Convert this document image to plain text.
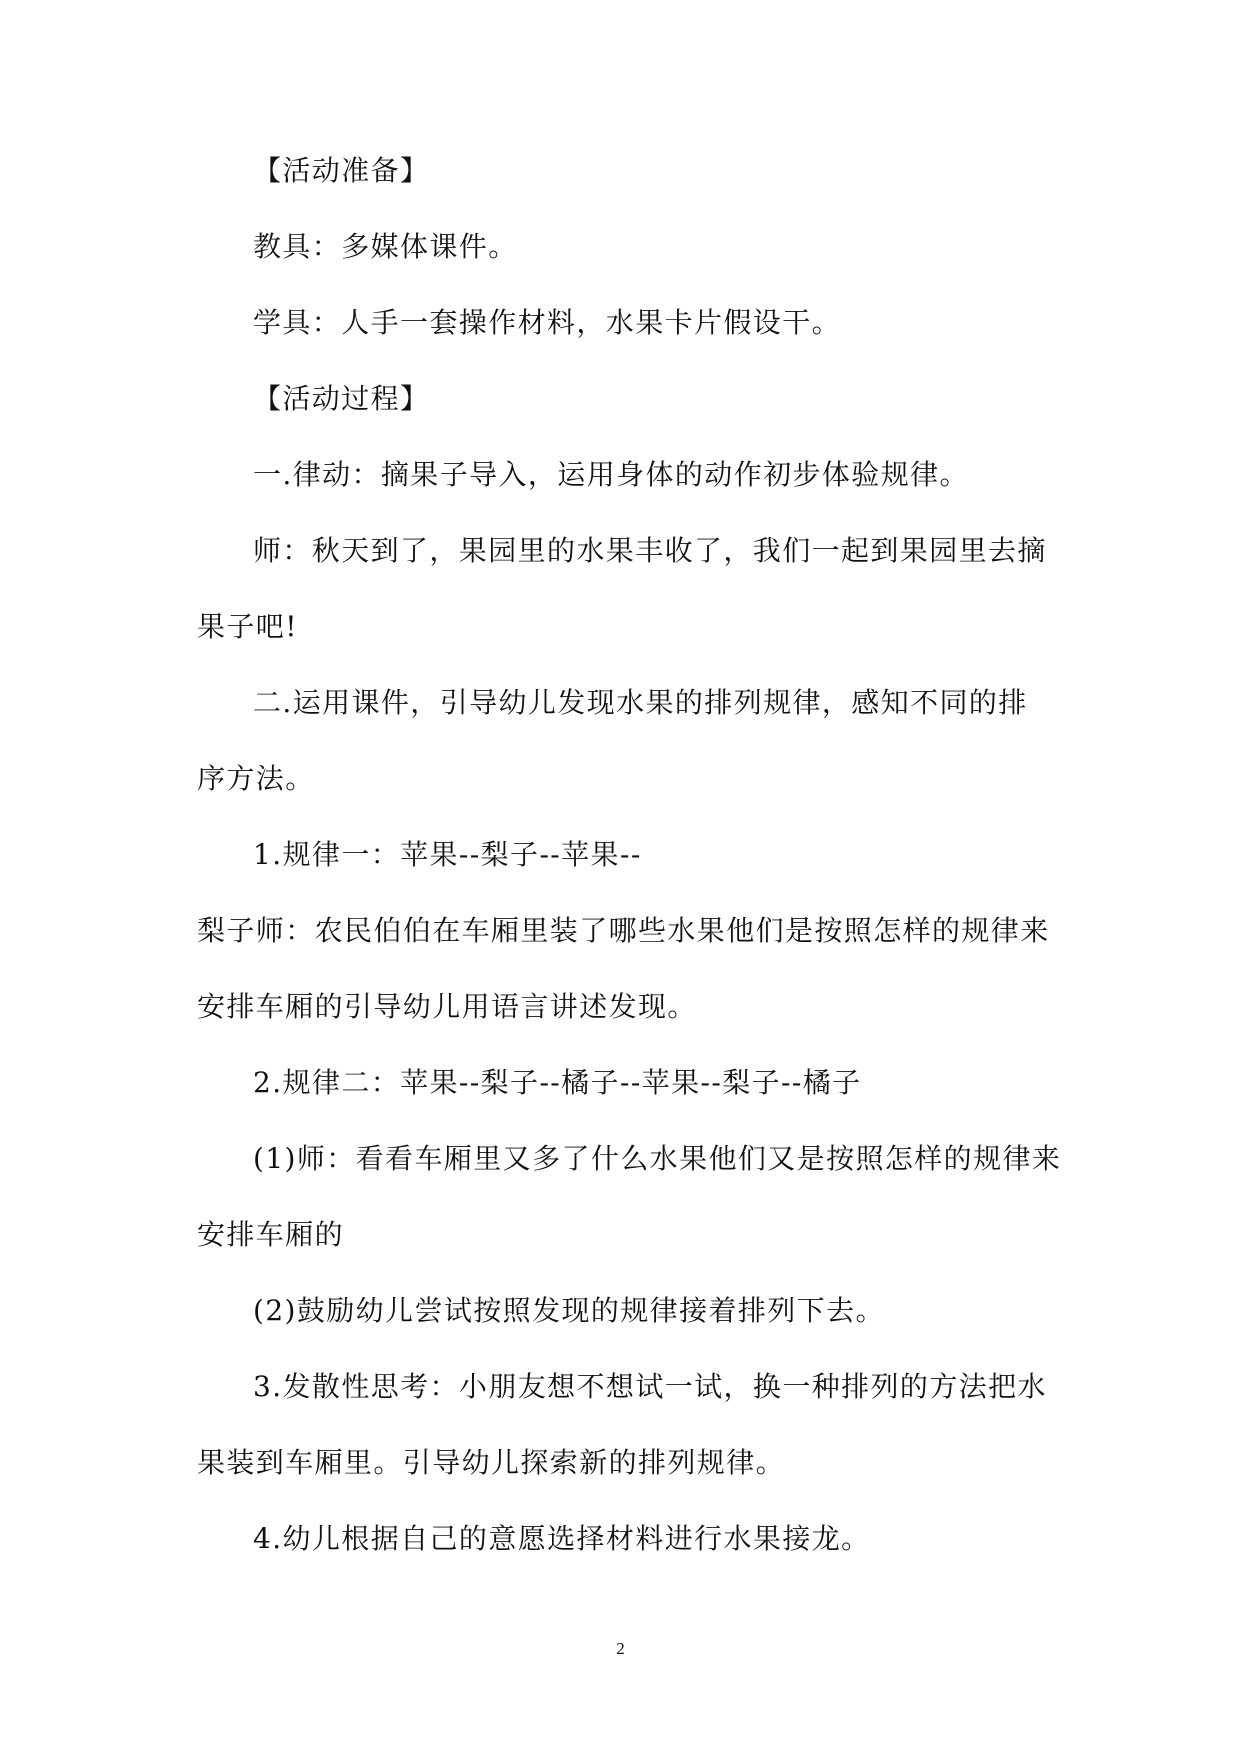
【活动准备】
教具：多媒体课件。
学具：人手一套操作材料，水果卡片假设干。
【活动过程】
一.律动：摘果子导入，运用身体的动作初步体验规律。
师：秋天到了，果园里的水果丰收了，我们一起到果园里去摘
果子吧!
二.运用课件，引导幼儿发现水果的排列规律，感知不同的排
序方法。
1.规律一：苹果--梨子--苹果--
梨子师：农民伯伯在车厢里装了哪些水果他们是按照怎样的规律来
安排车厢的引导幼儿用语言讲述发现。
2.规律二：苹果--梨子--橘子--苹果--梨子--橘子
(1)师：看看车厢里又多了什么水果他们又是按照怎样的规律来
安排车厢的
(2)鼓励幼儿尝试按照发现的规律接着排列下去。
3.发散性思考：小朋友想不想试一试，换一种排列的方法把水
果装到车厢里。引导幼儿探索新的排列规律。
4.幼儿根据自己的意愿选择材料进行水果接龙。
2
